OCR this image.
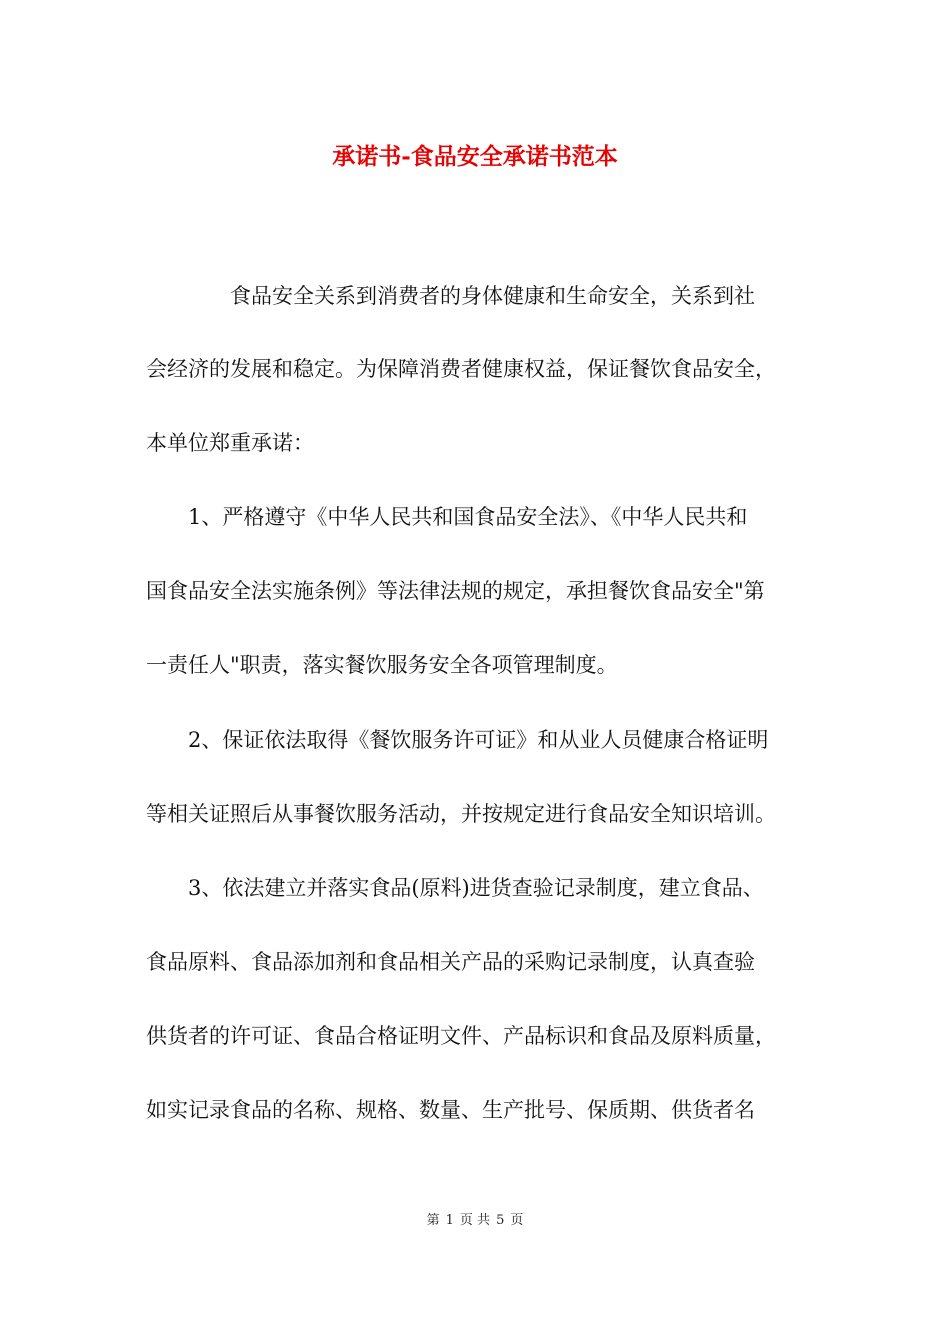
承诺书-食品安全承诺书范本
　　　　食品安全关系到消费者的身体健康和生命安全，关系到社
会经济的发展和稳定。为保障消费者健康权益，保证餐饮食品安全，
本单位郑重承诺：
　　1、严格遵守《中华人民共和国食品安全法》、《中华人民共和
国食品安全法实施条例》等法律法规的规定，承担餐饮食品安全"第
一责任人"职责，落实餐饮服务安全各项管理制度。
　　2、保证依法取得《餐饮服务许可证》和从业人员健康合格证明
等相关证照后从事餐饮服务活动，并按规定进行食品安全知识培训。
　　3、依法建立并落实食品(原料)进货查验记录制度，建立食品、
食品原料、食品添加剂和食品相关产品的采购记录制度，认真查验
供货者的许可证、食品合格证明文件、产品标识和食品及原料质量，
如实记录食品的名称、规格、数量、生产批号、保质期、供货者名
第 1 页 共 5 页
